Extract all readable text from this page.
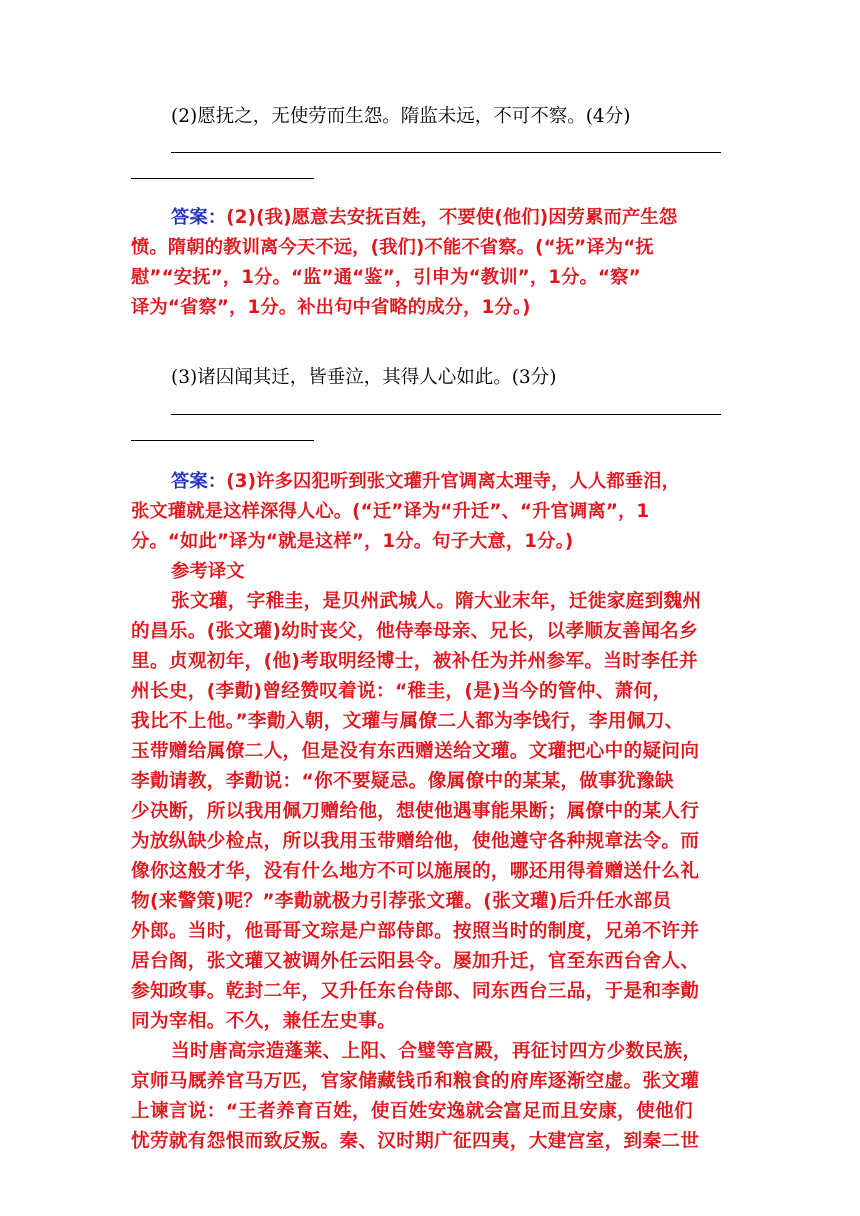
(2)愿抚之，无使劳而生怨。隋监未远，不可不察。(4分)
答案：(2)(我)愿意去安抚百姓，不要使(他们)因劳累而产生怨
愤。隋朝的教训离今天不远，(我们)不能不省察。(“抚”译为“抚
慰”“安抚”，1分。“监”通“鉴”，引申为“教训”，1分。“察”
译为“省察”，1分。补出句中省略的成分，1分。)
(3)诸囚闻其迁，皆垂泣，其得人心如此。(3分)
答案：(3)许多囚犯听到张文瓘升官调离太理寺，人人都垂泪，
张文瓘就是这样深得人心。(“迁”译为“升迁”、“升官调离”，1
分。“如此”译为“就是这样”，1分。句子大意，1分。)
参考译文
张文瓘，字稚圭，是贝州武城人。隋大业末年，迁徙家庭到魏州
的昌乐。(张文瓘)幼时丧父，他侍奉母亲、兄长，以孝顺友善闻名乡
里。贞观初年，(他)考取明经博士，被补任为并州参军。当时李任并
州长史，(李勣)曾经赞叹着说：“稚圭，(是)当今的管仲、萧何，
我比不上他。”李勣入朝，文瓘与属僚二人都为李饯行，李用佩刀、
玉带赠给属僚二人，但是没有东西赠送给文瓘。文瓘把心中的疑问向
李勣请教，李勣说：“你不要疑忌。像属僚中的某某，做事犹豫缺
少决断，所以我用佩刀赠给他，想使他遇事能果断；属僚中的某人行
为放纵缺少检点，所以我用玉带赠给他，使他遵守各种规章法令。而
像你这般才华，没有什么地方不可以施展的，哪还用得着赠送什么礼
物(来警策)呢？”李勣就极力引荐张文瓘。(张文瓘)后升任水部员
外郎。当时，他哥哥文琮是户部侍郎。按照当时的制度，兄弟不许并
居台阁，张文瓘又被调外任云阳县令。屡加升迁，官至东西台舍人、
参知政事。乾封二年，又升任东台侍郎、同东西台三品，于是和李勣
同为宰相。不久，兼任左史事。
当时唐高宗造蓬莱、上阳、合璧等宫殿，再征讨四方少数民族，
京师马厩养官马万匹，官家储藏钱币和粮食的府库逐渐空虚。张文瓘
上谏言说：“王者养育百姓，使百姓安逸就会富足而且安康，使他们
忧劳就有怨恨而致反叛。秦、汉时期广征四夷，大建宫室，到秦二世
